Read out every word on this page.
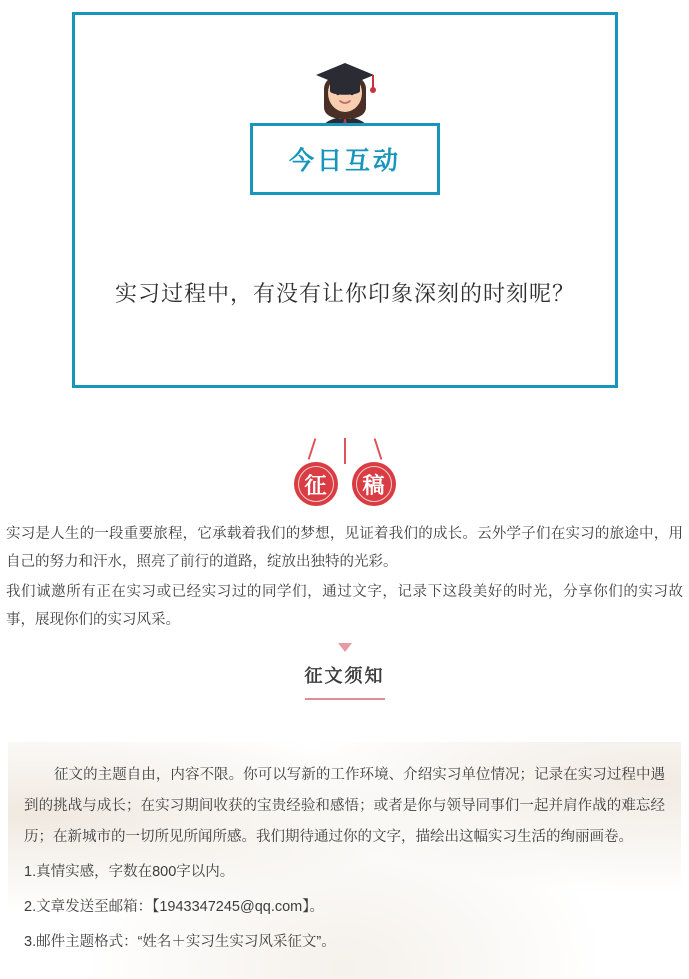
今日互动
实习过程中，有没有让你印象深刻的时刻呢？
征	稿

实习是人生的一段重要旅程，它承载着我们的梦想，见证着我们的成长。云外学子们在实习的旅途中，用自己的努力和汗水，照亮了前行的道路，绽放出独特的光彩。

我们诚邀所有正在实习或已经实习过的同学们，通过文字，记录下这段美好的时光，分享你们的实习故事，展现你们的实习风采。

征文须知

征文的主题自由，内容不限。你可以写新的工作环境、介绍实习单位情况；记录在实习过程中遇到的挑战与成长；在实习期间收获的宝贵经验和感悟；或者是你与领导同事们一起并肩作战的难忘经历；在新城市的一切所见所闻所感。我们期待通过你的文字，描绘出这幅实习生活的绚丽画卷。

1.真情实感，字数在800字以内。

2.文章发送至邮箱：【1943347245@qq.com】。

3.邮件主题格式：“姓名＋实习生实习风采征文”。
